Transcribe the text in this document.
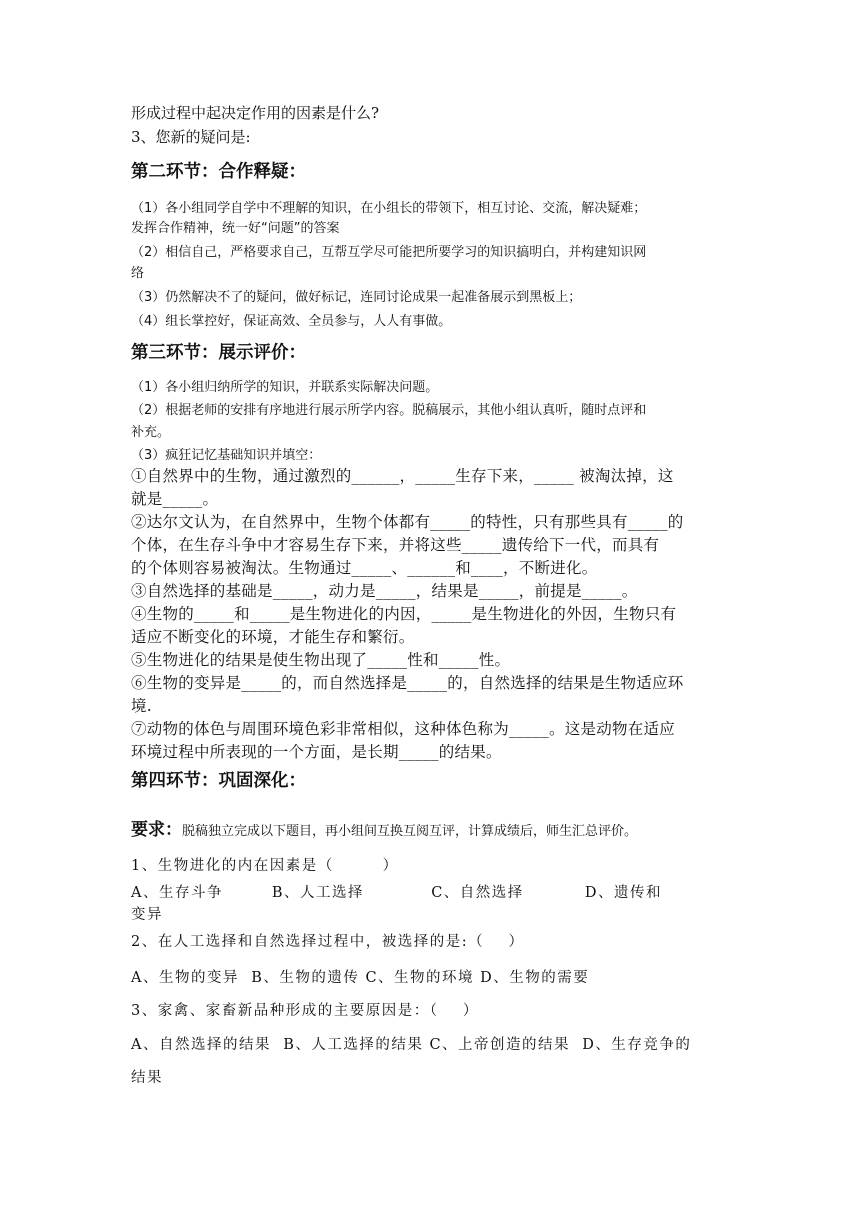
形成过程中起决定作用的因素是什么?
3、您新的疑问是:
第二环节：合作释疑：
（1）各小组同学自学中不理解的知识，在小组长的带领下，相互讨论、交流，解决疑难；
发挥合作精神，统一好“问题”的答案
（2）相信自己，严格要求自己，互帮互学尽可能把所要学习的知识搞明白，并构建知识网
络
（3）仍然解决不了的疑问，做好标记，连同讨论成果一起准备展示到黑板上；
（4）组长掌控好，保证高效、全员参与，人人有事做。
第三环节：展示评价：
（1）各小组归纳所学的知识，并联系实际解决问题。
（2）根据老师的安排有序地进行展示所学内容。脱稿展示，其他小组认真听，随时点评和
补充。
（3）疯狂记忆基础知识并填空：
①自然界中的生物，通过激烈的______，_____生存下来，_____ 被淘汰掉，这
就是_____。
②达尔文认为，在自然界中，生物个体都有_____的特性，只有那些具有_____的
个体，在生存斗争中才容易生存下来，并将这些_____遗传给下一代，而具有
的个体则容易被淘汰。生物通过_____、______和____，不断进化。
③自然选择的基础是_____，动力是_____，结果是_____，前提是_____。
④生物的_____和_____是生物进化的内因，_____是生物进化的外因，生物只有
适应不断变化的环境，才能生存和繁衍。
⑤生物进化的结果是使生物出现了_____性和_____性。
⑥生物的变异是_____的，而自然选择是_____的，自然选择的结果是生物适应环
境.
⑦动物的体色与周围环境色彩非常相似，这种体色称为_____。这是动物在适应
环境过程中所表现的一个方面，是长期_____的结果。
第四环节：巩固深化：
要求：脱稿独立完成以下题目，再小组间互换互阅互评，计算成绩后，师生汇总评价。
1、生物进化的内在因素是（        ）
A、生存斗争        B、人工选择           C、自然选择          D、遗传和
变异
2、在人工选择和自然选择过程中，被选择的是:（    ）
A、生物的变异  B、生物的遗传 C、生物的环境 D、生物的需要
3、家禽、家畜新品种形成的主要原因是：（    ）
A、自然选择的结果  B、人工选择的结果 C、上帝创造的结果  D、生存竞争的
结果
